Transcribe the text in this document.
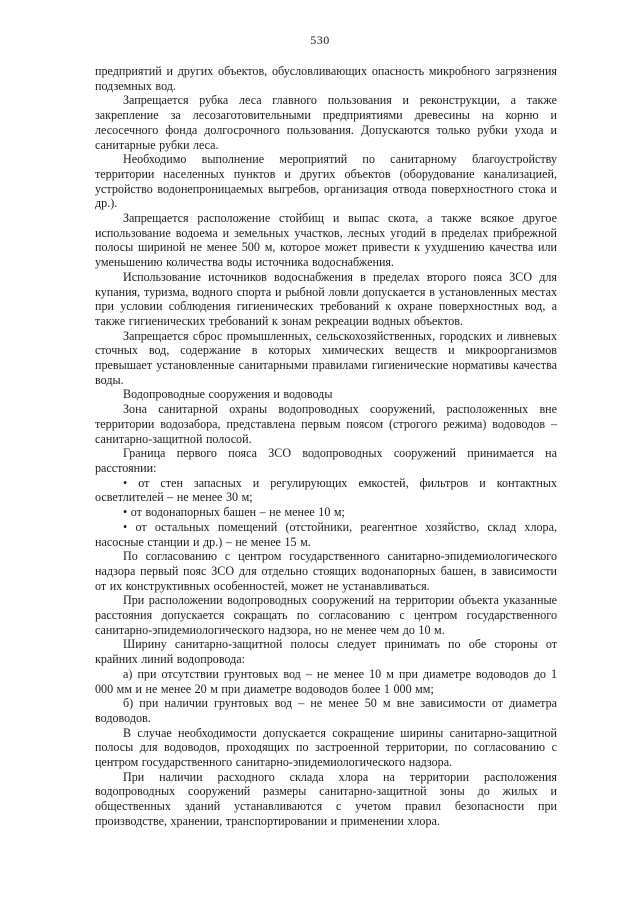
530

предприятий и других объектов, обусловливающих опасность микробного загрязнения подземных вод.

Запрещается рубка леса главного пользования и реконструкции, а также закрепление за лесозаготовительными предприятиями древесины на корню и лесосечного фонда долгосрочного пользования. Допускаются только рубки ухода и санитарные рубки леса.

Необходимо выполнение мероприятий по санитарному благоустройству территории населенных пунктов и других объектов (оборудование канализацией, устройство водонепроницаемых выгребов, организация отвода поверхностного стока и др.).

Запрещается расположение стойбищ и выпас скота, а также всякое другое использование водоема и земельных участков, лесных угодий в пределах прибрежной полосы шириной не менее 500 м, которое может привести к ухудшению качества или уменьшению количества воды источника водоснабжения.

Использование источников водоснабжения в пределах второго пояса ЗСО для купания, туризма, водного спорта и рыбной ловли допускается в установленных местах при условии соблюдения гигиенических требований к охране поверхностных вод, а также гигиенических требований к зонам рекреации водных объектов.

Запрещается сброс промышленных, сельскохозяйственных, городских и ливневых сточных вод, содержание в которых химических веществ и микроорганизмов превышает установленные санитарными правилами гигиенические нормативы качества воды.

Водопроводные сооружения и водоводы

Зона санитарной охраны водопроводных сооружений, расположенных вне территории водозабора, представлена первым поясом (строгого режима) водоводов – санитарно-защитной полосой.

Граница первого пояса ЗСО водопроводных сооружений принимается на расстоянии:

• от стен запасных и регулирующих емкостей, фильтров и контактных осветлителей – не менее 30 м;

• от водонапорных башен – не менее 10 м;

• от остальных помещений (отстойники, реагентное хозяйство, склад хлора, насосные станции и др.) – не менее 15 м.

По согласованию с центром государственного санитарно-эпидемиологического надзора первый пояс ЗСО для отдельно стоящих водонапорных башен, в зависимости от их конструктивных особенностей, может не устанавливаться.

При расположении водопроводных сооружений на территории объекта указанные расстояния допускается сокращать по согласованию с центром государственного санитарно-эпидемиологического надзора, но не менее чем до 10 м.

Ширину санитарно-защитной полосы следует принимать по обе стороны от крайних линий водопровода:

а) при отсутствии грунтовых вод – не менее 10 м при диаметре водоводов до 1 000 мм и не менее 20 м при диаметре водоводов более 1 000 мм;

б) при наличии грунтовых вод – не менее 50 м вне зависимости от диаметра водоводов.

В случае необходимости допускается сокращение ширины санитарно-защитной полосы для водоводов, проходящих по застроенной территории, по согласованию с центром государственного санитарно-эпидемиологического надзора.

При наличии расходного склада хлора на территории расположения водопроводных сооружений размеры санитарно-защитной зоны до жилых и общественных зданий устанавливаются с учетом правил безопасности при производстве, хранении, транспортировании и применении хлора.
